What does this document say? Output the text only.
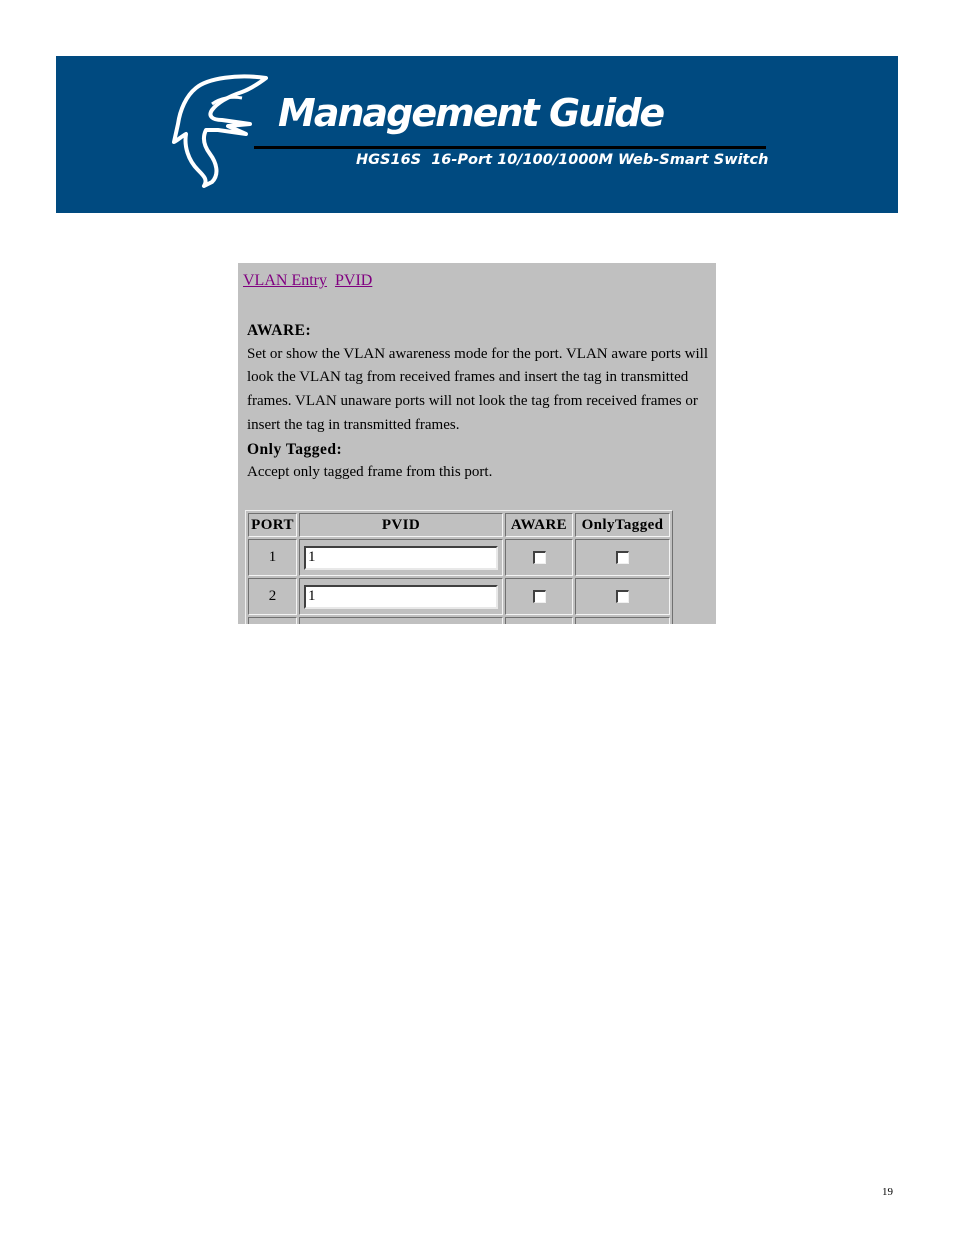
Management Guide
HGS16S  16-Port 10/100/1000M Web-Smart Switch
VLAN Entry PVID
AWARE:
Set or show the VLAN awareness mode for the port. VLAN aware ports will look the VLAN tag from received frames and insert the tag in transmitted frames. VLAN unaware ports will not look the tag from received frames or insert the tag in transmitted frames.
Only Tagged:
Accept only tagged frame from this port.
PORT	PVID	AWARE	OnlyTagged
1	1		
2	1		

19
